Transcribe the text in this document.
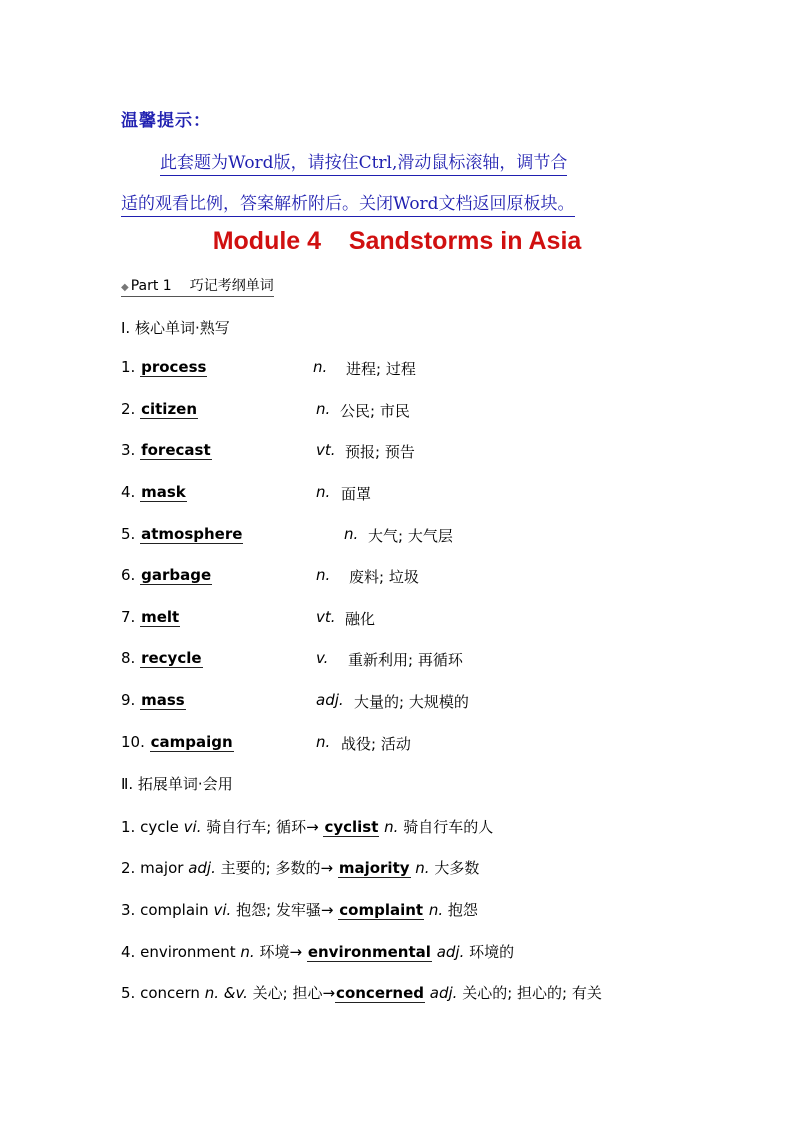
温馨提示：
此套题为Word版，请按住Ctrl,滑动鼠标滚轴，调节合
适的观看比例，答案解析附后。关闭Word文档返回原板块。
Module 4    Sandstorms in Asia
◆ Part 1 巧记考纲单词
Ⅰ. 核心单词·熟写
1. process	n. 进程; 过程
2. citizen	n. 公民; 市民
3. forecast	vt. 预报; 预告
4. mask	n. 面罩
5. atmosphere	n. 大气; 大气层
6. garbage	n. 废料; 垃圾
7. melt	vt. 融化
8. recycle	v. 重新利用; 再循环
9. mass	adj. 大量的; 大规模的
10. campaign	n. 战役; 活动
Ⅱ. 拓展单词·会用
1. cycle vi. 骑自行车; 循环→ cyclist n. 骑自行车的人
2. major adj. 主要的; 多数的→ majority n. 大多数
3. complain vi. 抱怨; 发牢骚→ complaint n. 抱怨
4. environment n. 环境→ environmental adj. 环境的
5. concern n. &v. 关心; 担心→concerned adj. 关心的; 担心的; 有关
